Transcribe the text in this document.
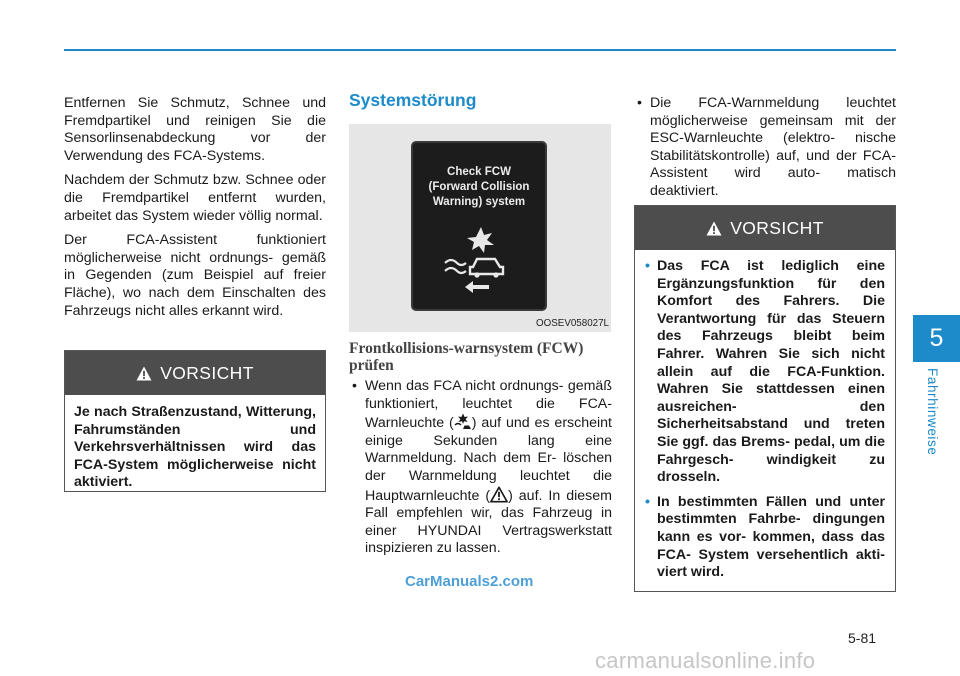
Entfernen Sie Schmutz, Schnee und Fremdpartikel und reinigen Sie die Sensorlinsenabdeckung vor der Verwendung des FCA-Systems.

Nachdem der Schmutz bzw. Schnee oder die Fremdpartikel entfernt wurden, arbeitet das System wieder völlig normal.

Der FCA-Assistent funktioniert möglicherweise nicht ordnungs- gemäß in Gegenden (zum Beispiel auf freier Fläche), wo nach dem Einschalten des Fahrzeugs nicht alles erkannt wird.

VORSICHT
Je nach Straßenzustand, Witterung, Fahrumständen und Verkehrsverhältnissen wird das FCA-System möglicherweise nicht aktiviert.
Systemstörung
Check FCW
(Forward Collision
Warning) system
OOSEV058027L
Frontkollisions-warnsystem (FCW) prüfen
• Wenn das FCA nicht ordnungs- gemäß funktioniert, leuchtet die FCA-Warnleuchte ( ) auf und es erscheint einige Sekunden lang eine Warnmeldung. Nach dem Er- löschen der Warnmeldung leuchtet die Hauptwarnleuchte ( ) auf. In diesem Fall empfehlen wir, das Fahrzeug in einer HYUNDAI Vertragswerkstatt inspizieren zu lassen.
CarManuals2.com
• Die FCA-Warnmeldung leuchtet möglicherweise gemeinsam mit der ESC-Warnleuchte (elektro- nische Stabilitätskontrolle) auf, und der FCA-Assistent wird auto- matisch deaktiviert.
VORSICHT
• Das FCA ist lediglich eine Ergänzungsfunktion für den Komfort des Fahrers. Die Verantwortung für das Steuern des Fahrzeugs bleibt beim Fahrer. Wahren Sie sich nicht allein auf die FCA-Funktion. Wahren Sie stattdessen einen ausreichen- den Sicherheitsabstand und treten Sie ggf. das Brems- pedal, um die Fahrgesch- windigkeit zu drosseln.
• In bestimmten Fällen und unter bestimmten Fahrbe- dingungen kann es vor- kommen, dass das FCA- System versehentlich akti- viert wird.
5
Fahrhinweise
5-81
carmanualsonline.info
